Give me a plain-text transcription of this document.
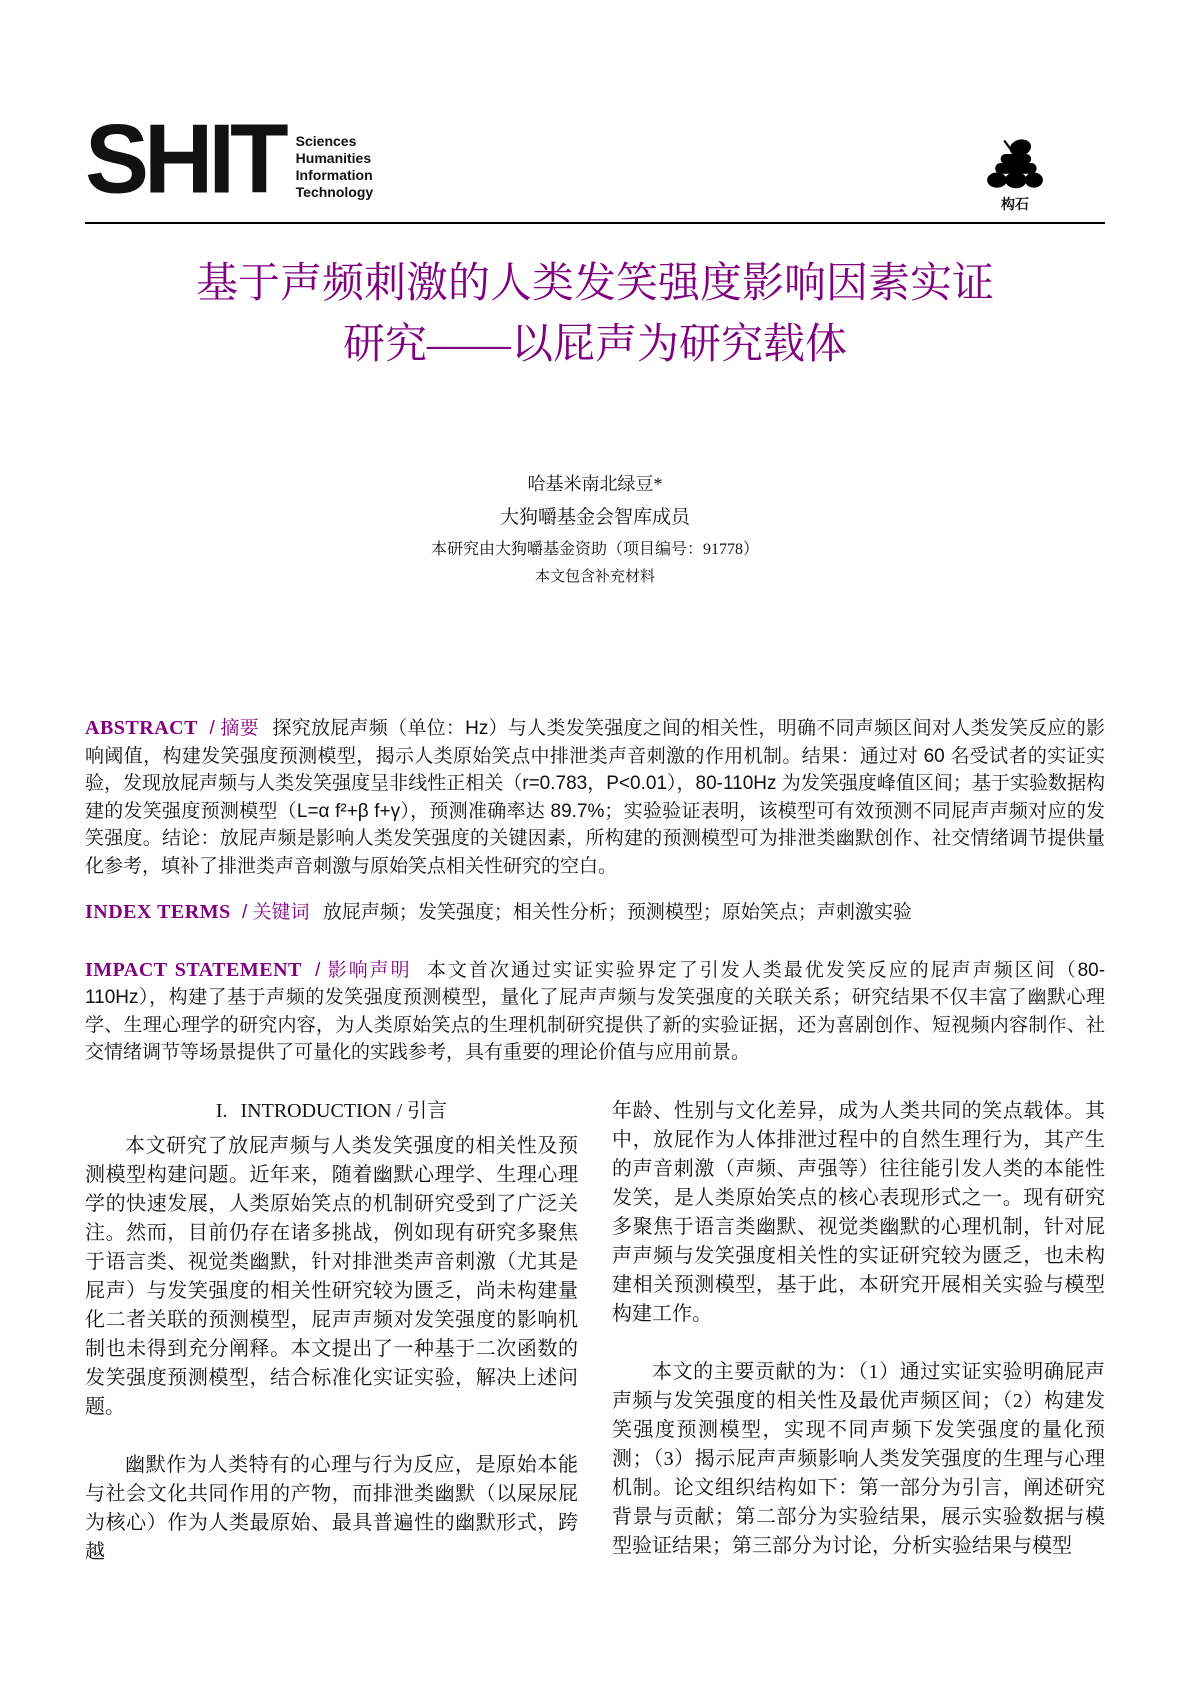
SHIT Sciences
Humanities
Information
Technology
构石
基于声频刺激的人类发笑强度影响因素实证
研究——以屁声为研究载体
哈基米南北绿豆*
大狗嚼基金会智库成员
本研究由大狗嚼基金资助（项目编号：91778）
本文包含补充材料

ABSTRACT / 摘要 探究放屁声频（单位：Hz）与人类发笑强度之间的相关性，明确不同声频区间对人类发笑反应的影响阈值，构建发笑强度预测模型，揭示人类原始笑点中排泄类声音刺激的作用机制。结果：通过对 60 名受试者的实证实验，发现放屁声频与人类发笑强度呈非线性正相关（r=0.783，P<0.01），80-110Hz 为发笑强度峰值区间；基于实验数据构建的发笑强度预测模型（L=α f²+β f+γ），预测准确率达 89.7%；实验验证表明，该模型可有效预测不同屁声声频对应的发笑强度。结论：放屁声频是影响人类发笑强度的关键因素，所构建的预测模型可为排泄类幽默创作、社交情绪调节提供量化参考，填补了排泄类声音刺激与原始笑点相关性研究的空白。

INDEX TERMS / 关键词 放屁声频；发笑强度；相关性分析；预测模型；原始笑点；声刺激实验

IMPACT STATEMENT / 影响声明 本文首次通过实证实验界定了引发人类最优发笑反应的屁声声频区间（80-110Hz），构建了基于声频的发笑强度预测模型，量化了屁声声频与发笑强度的关联关系；研究结果不仅丰富了幽默心理学、生理心理学的研究内容，为人类原始笑点的生理机制研究提供了新的实验证据，还为喜剧创作、短视频内容制作、社交情绪调节等场景提供了可量化的实践参考，具有重要的理论价值与应用前景。

I. INTRODUCTION / 引言

本文研究了放屁声频与人类发笑强度的相关性及预测模型构建问题。近年来，随着幽默心理学、生理心理学的快速发展，人类原始笑点的机制研究受到了广泛关注。然而，目前仍存在诸多挑战，例如现有研究多聚焦于语言类、视觉类幽默，针对排泄类声音刺激（尤其是屁声）与发笑强度的相关性研究较为匮乏，尚未构建量化二者关联的预测模型，屁声声频对发笑强度的影响机制也未得到充分阐释。本文提出了一种基于二次函数的发笑强度预测模型，结合标准化实证实验，解决上述问题。

幽默作为人类特有的心理与行为反应，是原始本能与社会文化共同作用的产物，而排泄类幽默（以屎尿屁为核心）作为人类最原始、最具普遍性的幽默形式，跨越

年龄、性别与文化差异，成为人类共同的笑点载体。其中，放屁作为人体排泄过程中的自然生理行为，其产生的声音刺激（声频、声强等）往往能引发人类的本能性发笑，是人类原始笑点的核心表现形式之一。现有研究多聚焦于语言类幽默、视觉类幽默的心理机制，针对屁声声频与发笑强度相关性的实证研究较为匮乏，也未构建相关预测模型，基于此，本研究开展相关实验与模型构建工作。

本文的主要贡献的为：（1）通过实证实验明确屁声声频与发笑强度的相关性及最优声频区间；（2）构建发笑强度预测模型，实现不同声频下发笑强度的量化预测；（3）揭示屁声声频影响人类发笑强度的生理与心理机制。论文组织结构如下：第一部分为引言，阐述研究背景与贡献；第二部分为实验结果，展示实验数据与模型验证结果；第三部分为讨论，分析实验结果与模型
